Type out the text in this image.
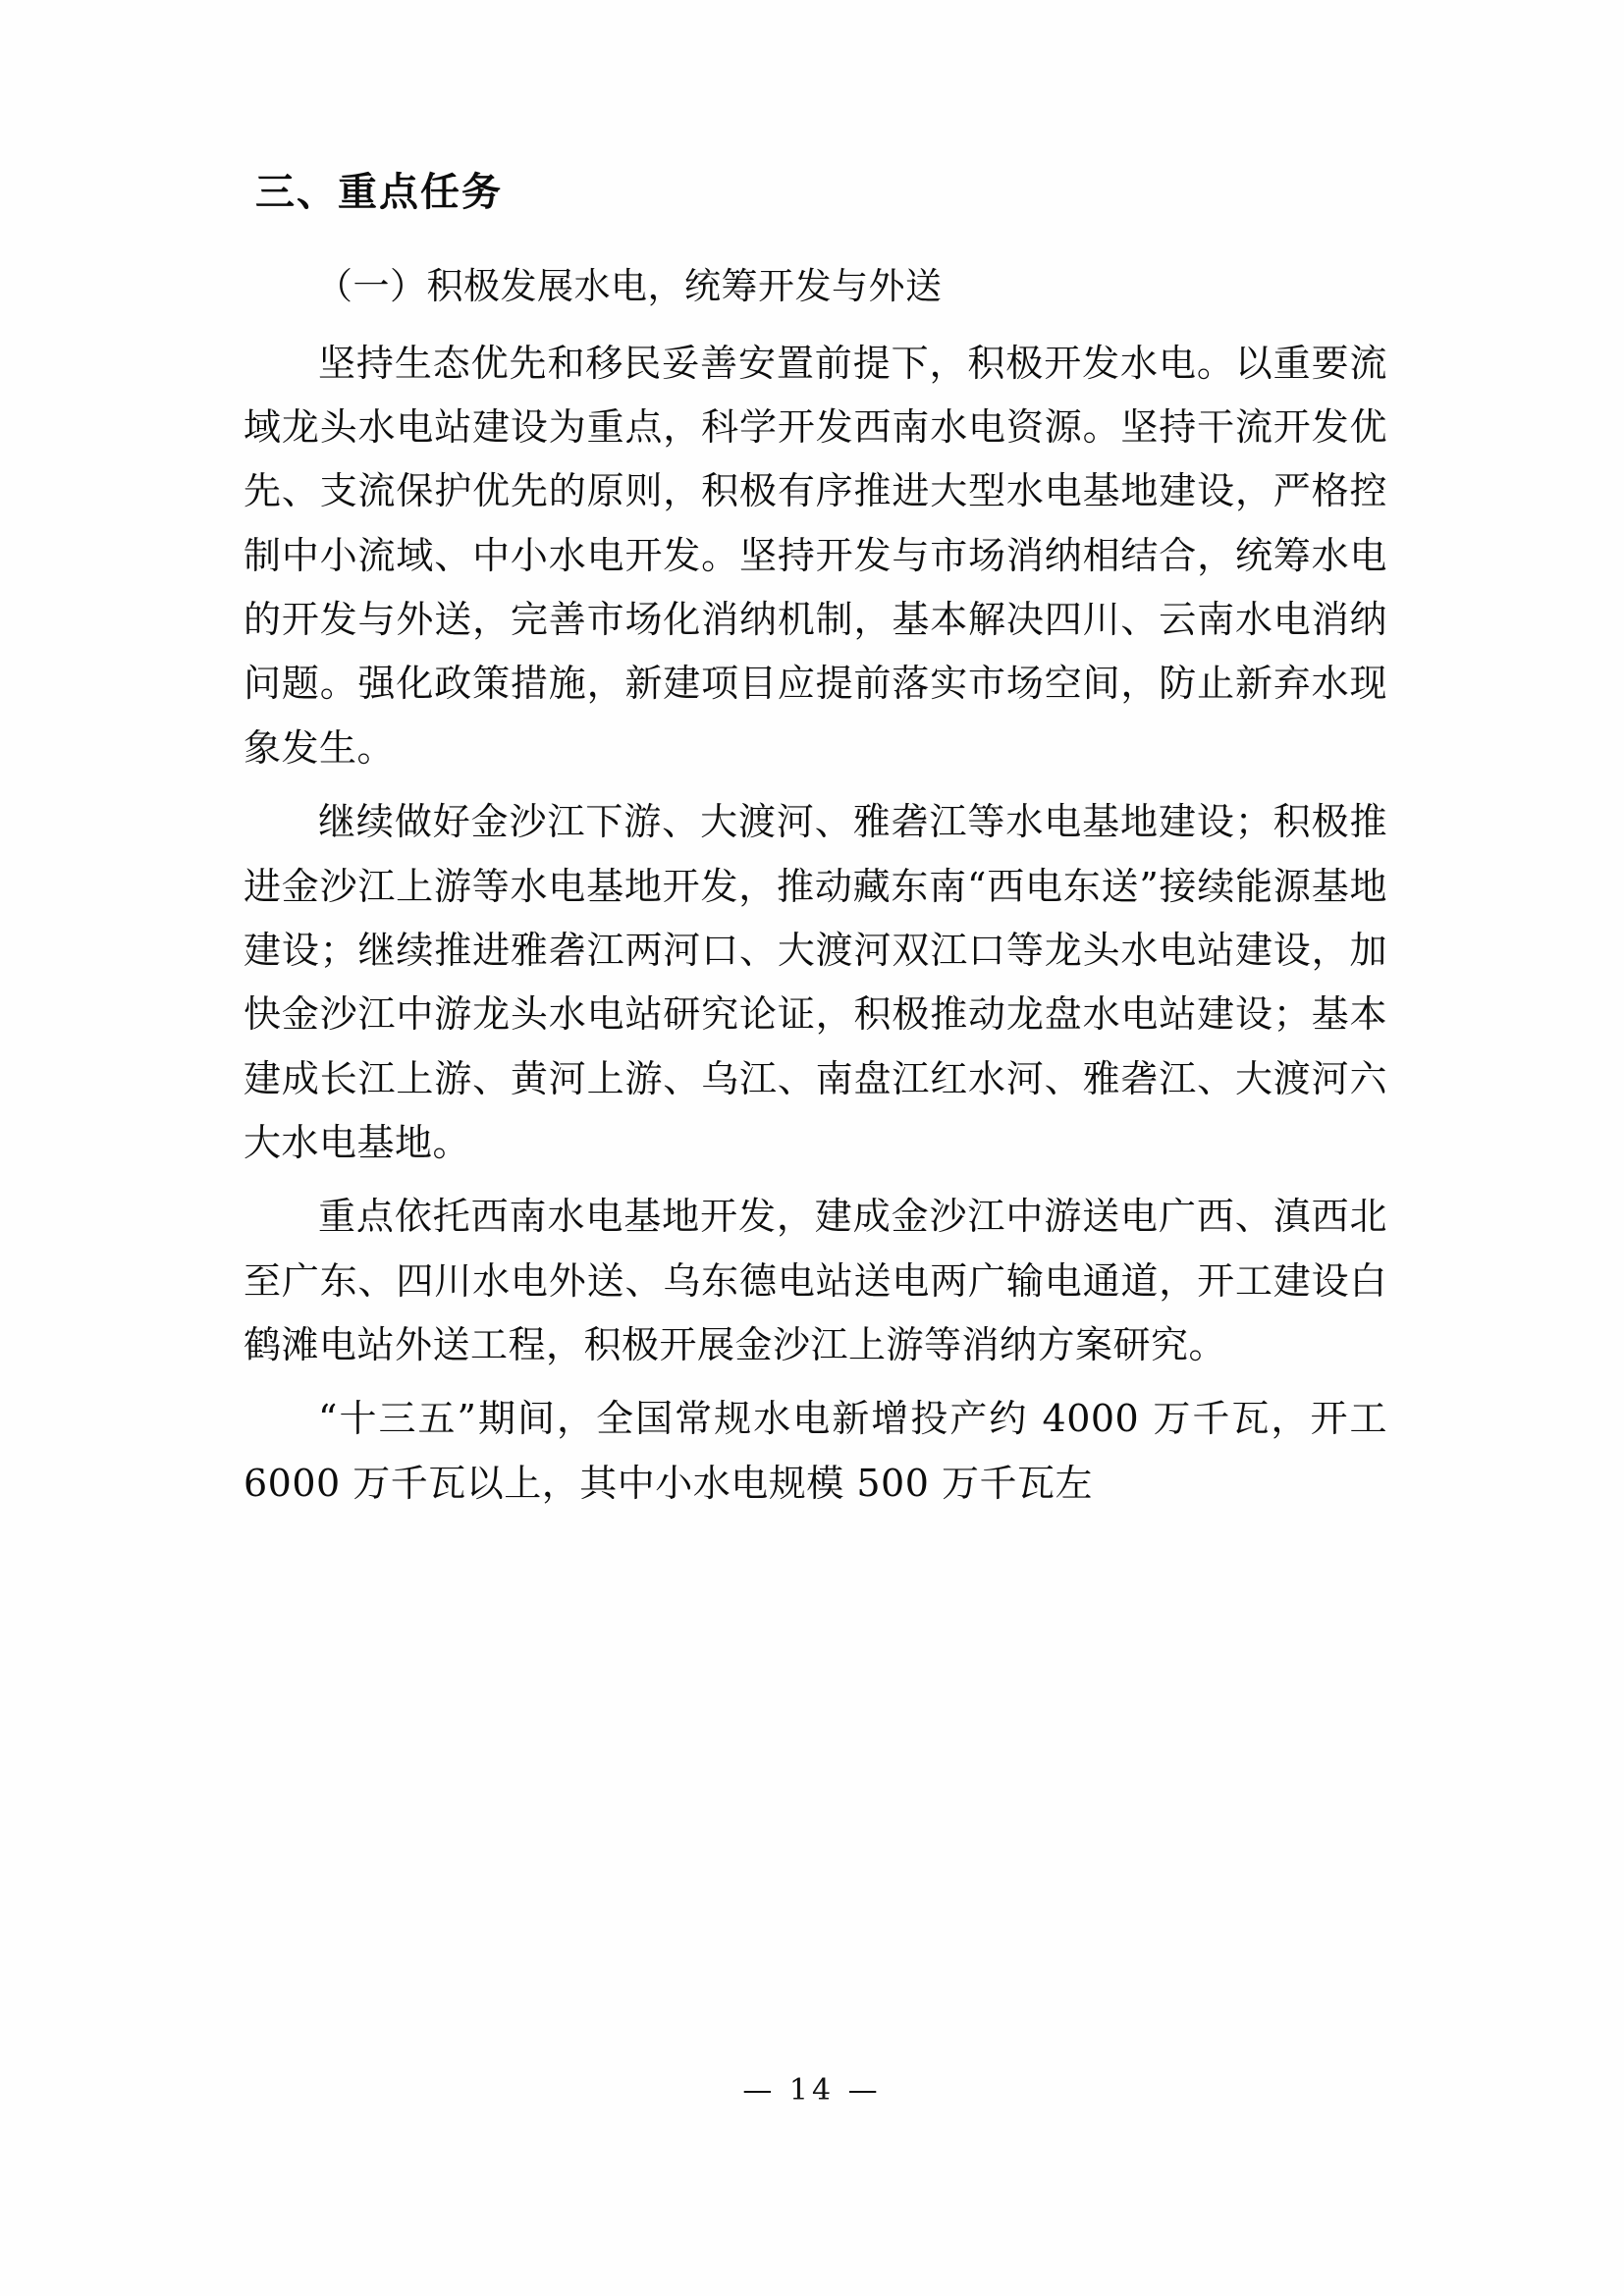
三、重点任务

（一）积极发展水电，统筹开发与外送

坚持生态优先和移民妥善安置前提下，积极开发水电。以重要流域龙头水电站建设为重点，科学开发西南水电资源。坚持干流开发优先、支流保护优先的原则，积极有序推进大型水电基地建设，严格控制中小流域、中小水电开发。坚持开发与市场消纳相结合，统筹水电的开发与外送，完善市场化消纳机制，基本解决四川、云南水电消纳问题。强化政策措施，新建项目应提前落实市场空间，防止新弃水现象发生。

继续做好金沙江下游、大渡河、雅砻江等水电基地建设；积极推进金沙江上游等水电基地开发，推动藏东南“西电东送”接续能源基地建设；继续推进雅砻江两河口、大渡河双江口等龙头水电站建设，加快金沙江中游龙头水电站研究论证，积极推动龙盘水电站建设；基本建成长江上游、黄河上游、乌江、南盘江红水河、雅砻江、大渡河六大水电基地。

重点依托西南水电基地开发，建成金沙江中游送电广西、滇西北至广东、四川水电外送、乌东德电站送电两广输电通道，开工建设白鹤滩电站外送工程，积极开展金沙江上游等消纳方案研究。

“十三五”期间，全国常规水电新增投产约 4000 万千瓦，开工 6000 万千瓦以上，其中小水电规模 500 万千瓦左

— 14 —
